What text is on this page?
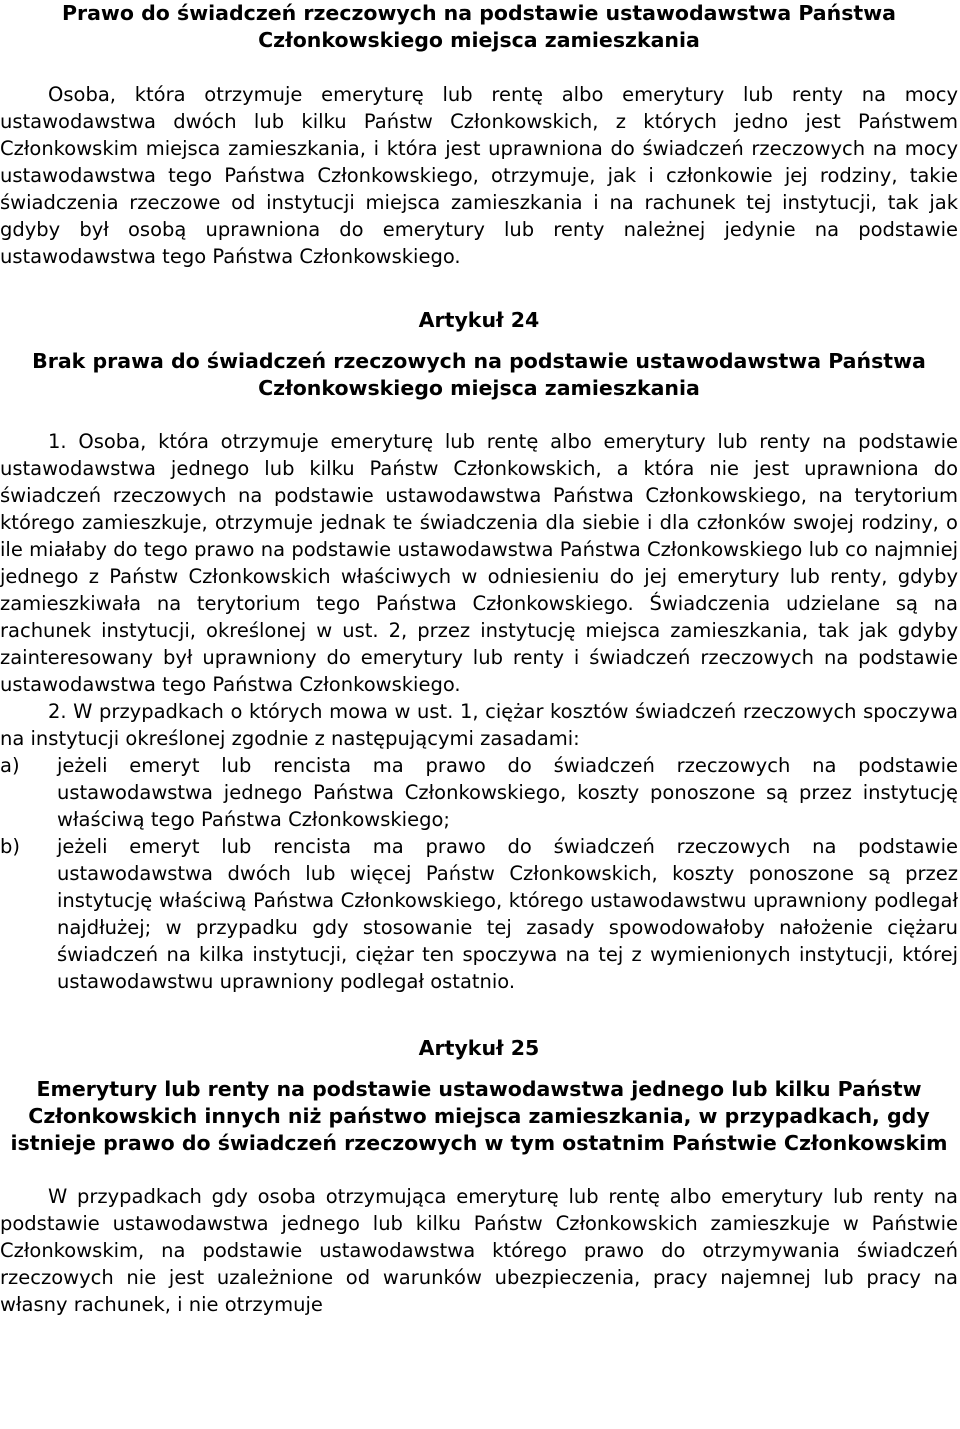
Prawo do świadczeń rzeczowych na podstawie ustawodawstwa Państwa Członkowskiego miejsca zamieszkania

Osoba, która otrzymuje emeryturę lub rentę albo emerytury lub renty na mocy ustawodawstwa dwóch lub kilku Państw Członkowskich, z których jedno jest Państwem Członkowskim miejsca zamieszkania, i która jest uprawniona do świadczeń rzeczowych na mocy ustawodawstwa tego Państwa Członkowskiego, otrzymuje, jak i członkowie jej rodziny, takie świadczenia rzeczowe od instytucji miejsca zamieszkania i na rachunek tej instytucji, tak jak gdyby był osobą uprawniona do emerytury lub renty należnej jedynie na podstawie ustawodawstwa tego Państwa Członkowskiego.

Artykuł 24
Brak prawa do świadczeń rzeczowych na podstawie ustawodawstwa Państwa Członkowskiego miejsca zamieszkania

1. Osoba, która otrzymuje emeryturę lub rentę albo emerytury lub renty na podstawie ustawodawstwa jednego lub kilku Państw Członkowskich, a która nie jest uprawniona do świadczeń rzeczowych na podstawie ustawodawstwa Państwa Członkowskiego, na terytorium którego zamieszkuje, otrzymuje jednak te świadczenia dla siebie i dla członków swojej rodziny, o ile miałaby do tego prawo na podstawie ustawodawstwa Państwa Członkowskiego lub co najmniej jednego z Państw Członkowskich właściwych w odniesieniu do jej emerytury lub renty, gdyby zamieszkiwała na terytorium tego Państwa Członkowskiego. Świadczenia udzielane są na rachunek instytucji, określonej w ust. 2, przez instytucję miejsca zamieszkania, tak jak gdyby zainteresowany był uprawniony do emerytury lub renty i świadczeń rzeczowych na podstawie ustawodawstwa tego Państwa Członkowskiego.

2. W przypadkach o których mowa w ust. 1, ciężar kosztów świadczeń rzeczowych spoczywa na instytucji określonej zgodnie z następującymi zasadami:

a)	jeżeli emeryt lub rencista ma prawo do świadczeń rzeczowych na podstawie ustawodawstwa jednego Państwa Członkowskiego, koszty ponoszone są przez instytucję właściwą tego Państwa Członkowskiego;
b)	jeżeli emeryt lub rencista ma prawo do świadczeń rzeczowych na podstawie ustawodawstwa dwóch lub więcej Państw Członkowskich, koszty ponoszone są przez instytucję właściwą Państwa Członkowskiego, którego ustawodawstwu uprawniony podlegał najdłużej; w przypadku gdy stosowanie tej zasady spowodowałoby nałożenie ciężaru świadczeń na kilka instytucji, ciężar ten spoczywa na tej z wymienionych instytucji, której ustawodawstwu uprawniony podlegał ostatnio.
Artykuł 25
Emerytury lub renty na podstawie ustawodawstwa jednego lub kilku Państw Członkowskich innych niż państwo miejsca zamieszkania, w przypadkach, gdy istnieje prawo do świadczeń rzeczowych w tym ostatnim Państwie Członkowskim

W przypadkach gdy osoba otrzymująca emeryturę lub rentę albo emerytury lub renty na podstawie ustawodawstwa jednego lub kilku Państw Członkowskich zamieszkuje w Państwie Członkowskim, na podstawie ustawodawstwa którego prawo do otrzymywania świadczeń rzeczowych nie jest uzależnione od warunków ubezpieczenia, pracy najemnej lub pracy na własny rachunek, i nie otrzymuje
